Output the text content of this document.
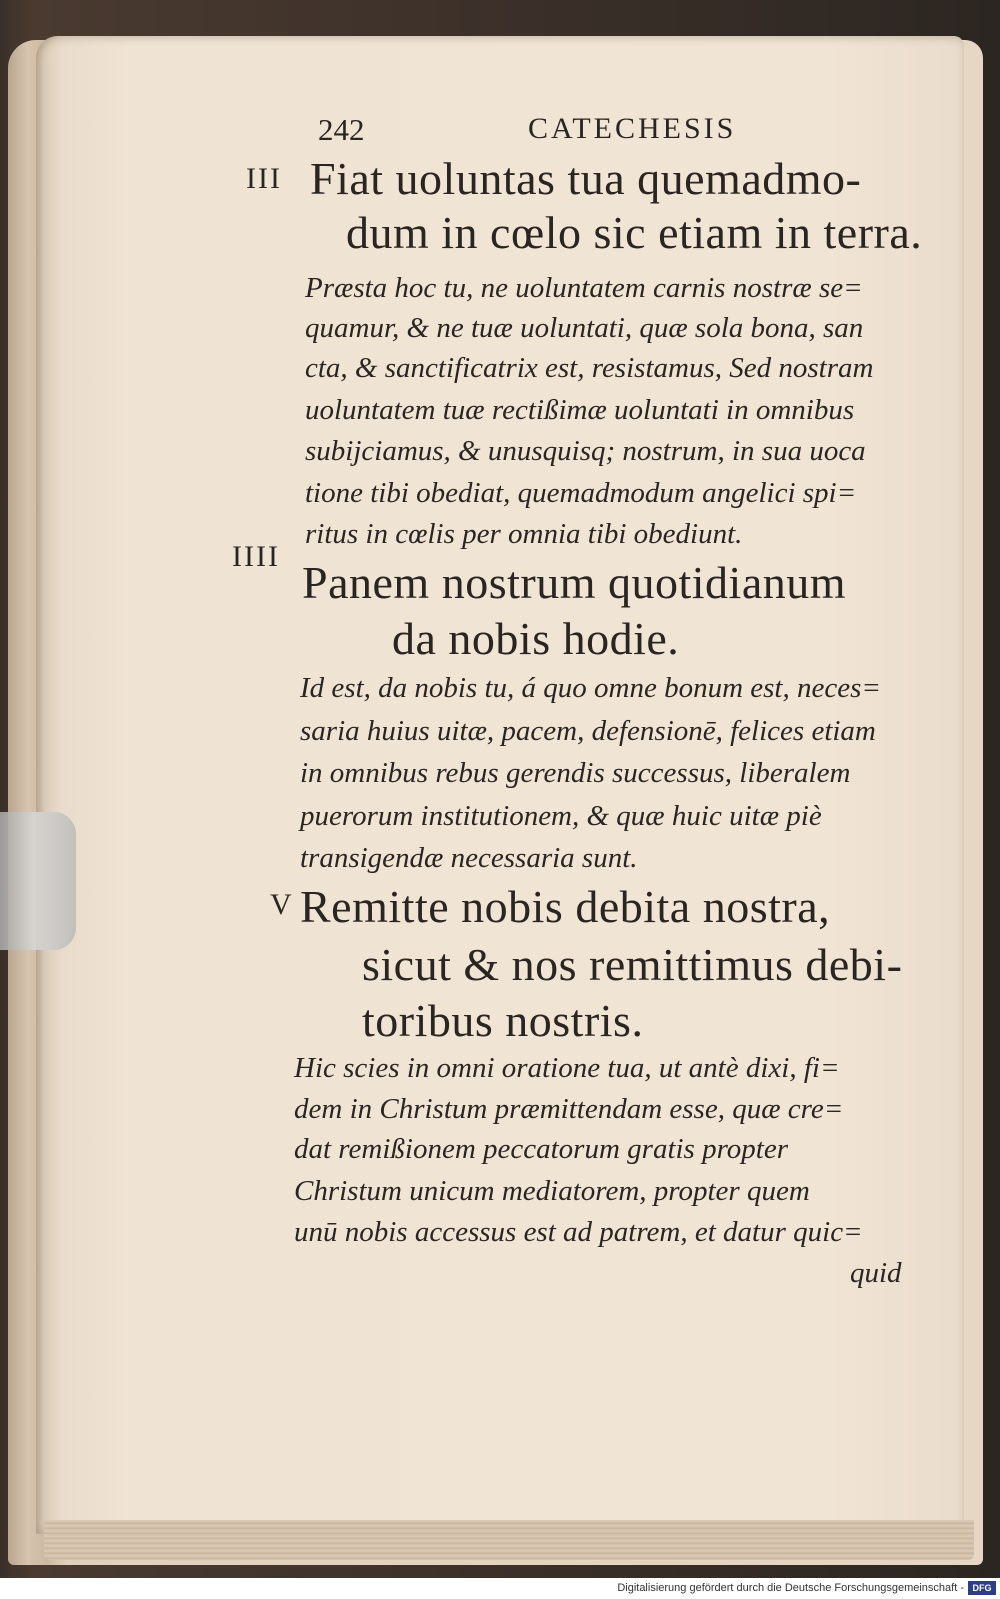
242	CATECHESIS
III Fiat uoluntas tua quemadmo-
dum in cœlo sic etiam in terra.
Præsta hoc tu, ne uoluntatem carnis nostræ se=
quamur, & ne tuæ uoluntati, quæ sola bona, san
cta, & sanctificatrix est, resistamus, Sed nostram
uoluntatem tuæ rectißimæ uoluntati in omnibus
subijciamus, & unusquisq; nostrum, in sua uoca
tione tibi obediat, quemadmodum angelici spi=
ritus in cœlis per omnia tibi obediunt.
IIII
Panem nostrum quotidianum
da nobis hodie.
Id est, da nobis tu, á quo omne bonum est, neces=
saria huius uitæ, pacem, defensionē, felices etiam
in omnibus rebus gerendis successus, liberalem
puerorum institutionem, & quæ huic uitæ piè
transigendæ necessaria sunt.
V Remitte nobis debita nostra,
sicut & nos remittimus debi-
toribus nostris.
Hic scies in omni oratione tua, ut antè dixi, fi=
dem in Christum præmittendam esse, quæ cre=
dat remißionem peccatorum gratis propter
Christum unicum mediatorem, propter quem
unū nobis accessus est ad patrem, et datur quic=
quid
Digitalisierung gefördert durch die Deutsche Forschungsgemeinschaft - DFG
